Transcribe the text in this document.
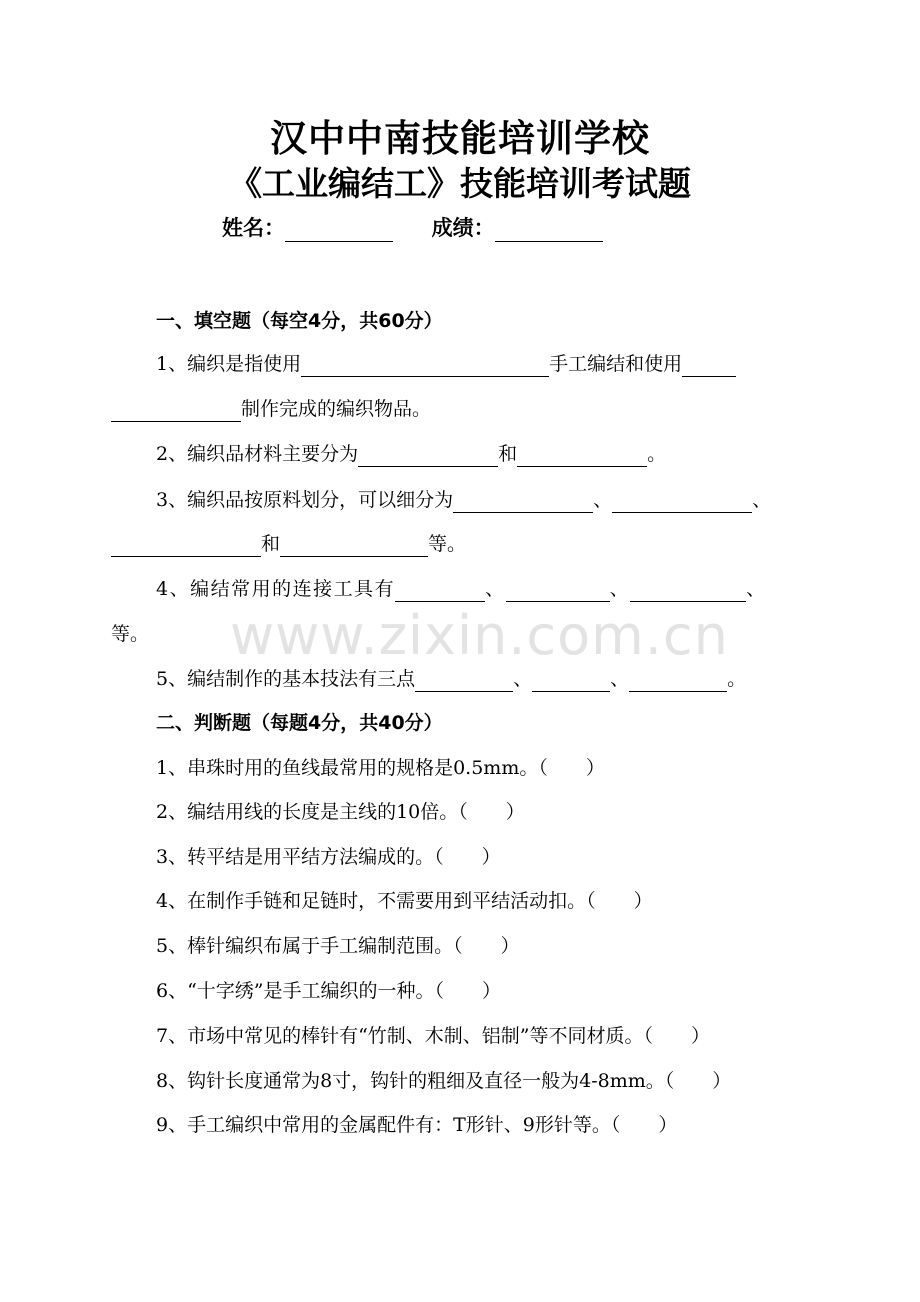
www.zixin.com.cn
汉中中南技能培训学校
《工业编结工》技能培训考试题
姓名：	成绩：
一、填空题（每空4分，共60分）
1、编织是指使用	手工编结和使用
制作完成的编织物品。
2、编织品材料主要分为	和	。
3、编织品按原料划分，可以细分为	、	、
和	等。
4、编结常用的连接工具有	、	、	、
等。
5、编结制作的基本技法有三点	、	、	。
二、判断题（每题4分，共40分）
1、串珠时用的鱼线最常用的规格是0.5mm。（　　）
2、编结用线的长度是主线的10倍。（　　）
3、转平结是用平结方法编成的。（　　）
4、在制作手链和足链时，不需要用到平结活动扣。（　　）
5、棒针编织布属于手工编制范围。（　　）
6、“十字绣”是手工编织的一种。（　　）
7、市场中常见的棒针有“竹制、木制、铝制”等不同材质。（　　）
8、钩针长度通常为8寸，钩针的粗细及直径一般为4-8mm。（　　）
9、手工编织中常用的金属配件有：T形针、9形针等。（　　）
